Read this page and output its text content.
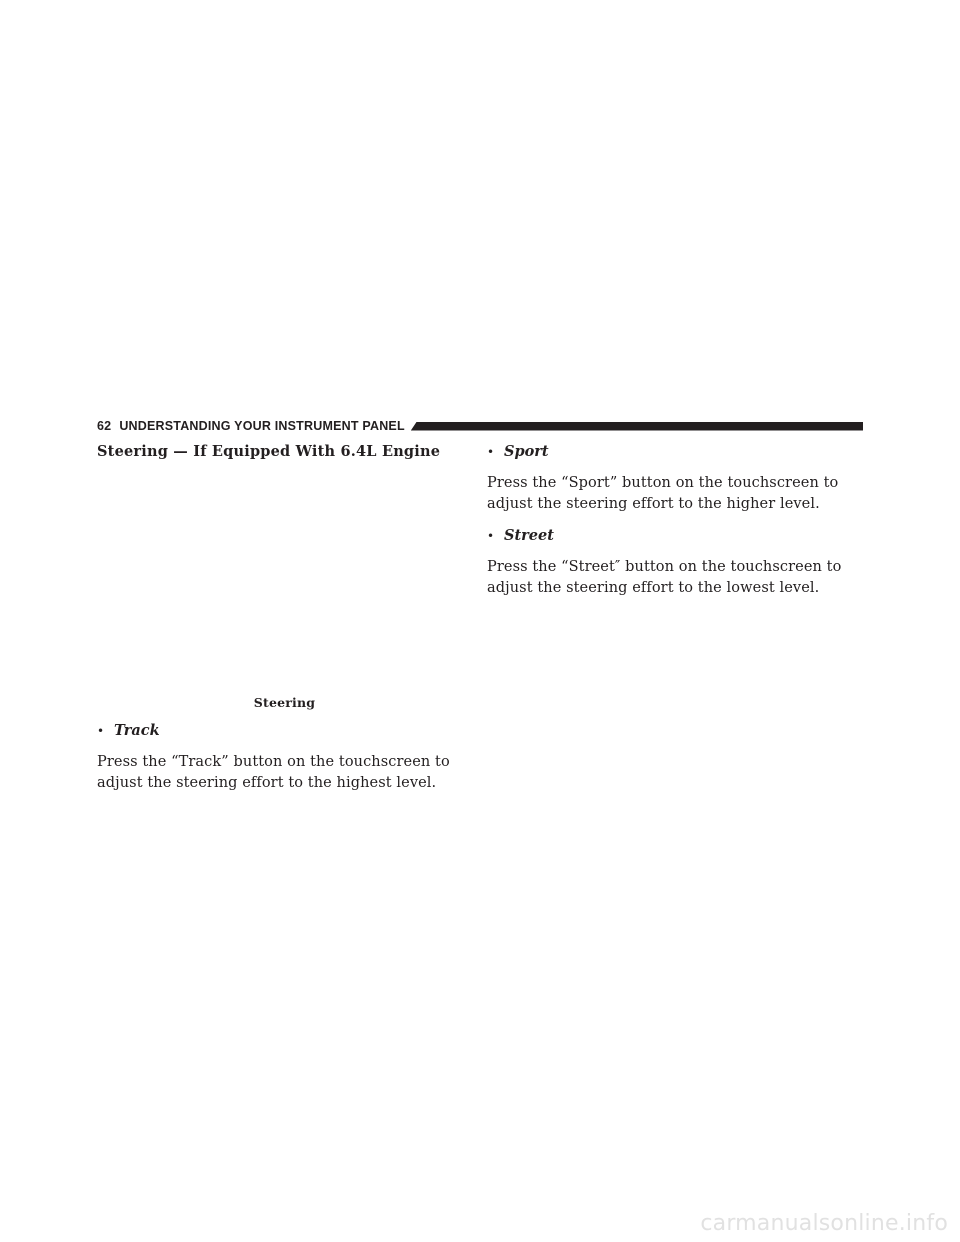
62 UNDERSTANDING YOUR INSTRUMENT PANEL
Steering — If Equipped With 6.4L Engine
Steering
• Track
Press the “Track” button on the touchscreen to adjust the steering effort to the highest level.
• Sport
Press the “Sport” button on the touchscreen to adjust the steering effort to the higher level.
• Street
Press the “Street″ button on the touchscreen to adjust the steering effort to the lowest level.
carmanualsonline.info
